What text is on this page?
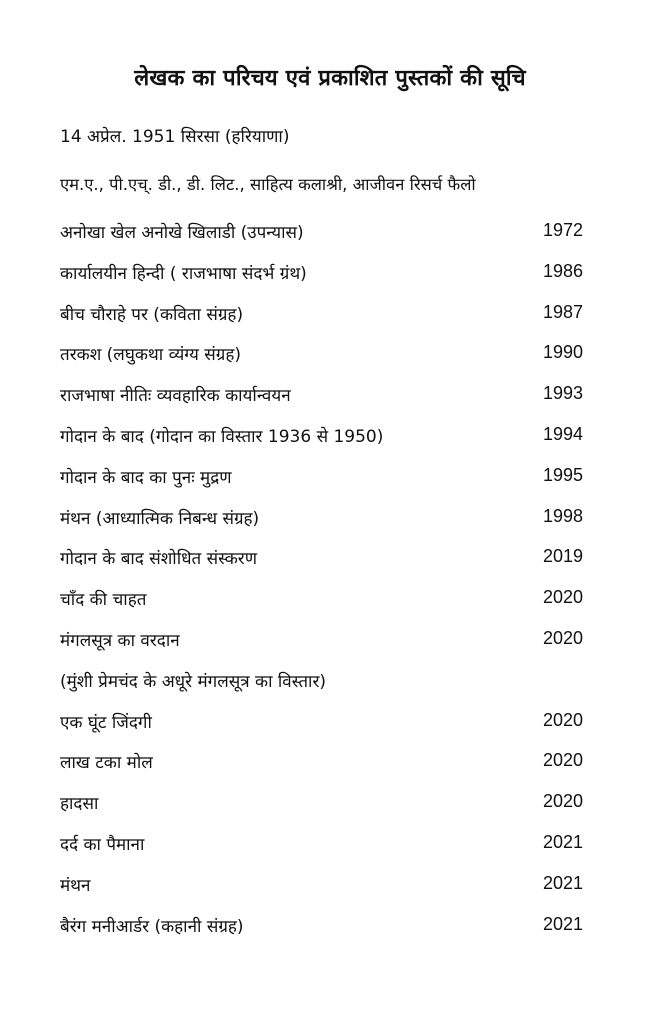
लेखक का परिचय एवं प्रकाशित पुस्तकों की सूचि
14 अप्रेल. 1951 सिरसा (हरियाणा)
एम.ए., पी.एच्. डी., डी. लिट., साहित्य कलाश्री, आजीवन रिसर्च फैलो
अनोखा खेल अनोखे खिलाडी (उपन्यास)	1972
कार्यालयीन हिन्दी ( राजभाषा संदर्भ ग्रंथ)	1986
बीच चौराहे पर (कविता संग्रह)	1987
तरकश (लघुकथा व्यंग्य संग्रह)	1990
राजभाषा नीतिः व्यवहारिक कार्यान्वयन	1993
गोदान के बाद (गोदान का विस्तार 1936 से 1950)	1994
गोदान के बाद का पुनः मुद्रण	1995
मंथन (आध्यात्मिक निबन्ध संग्रह)	1998
गोदान के बाद संशोधित संस्करण	2019
चाँद की चाहत	2020
मंगलसूत्र का वरदान	2020
(मुंशी प्रेमचंद के अधूरे मंगलसूत्र का विस्तार)
एक घूंट जिंदगी	2020
लाख टका मोल	2020
हादसा	2020
दर्द का पैमाना	2021
मंथन	2021
बैरंग मनीआर्डर (कहानी संग्रह)	2021
